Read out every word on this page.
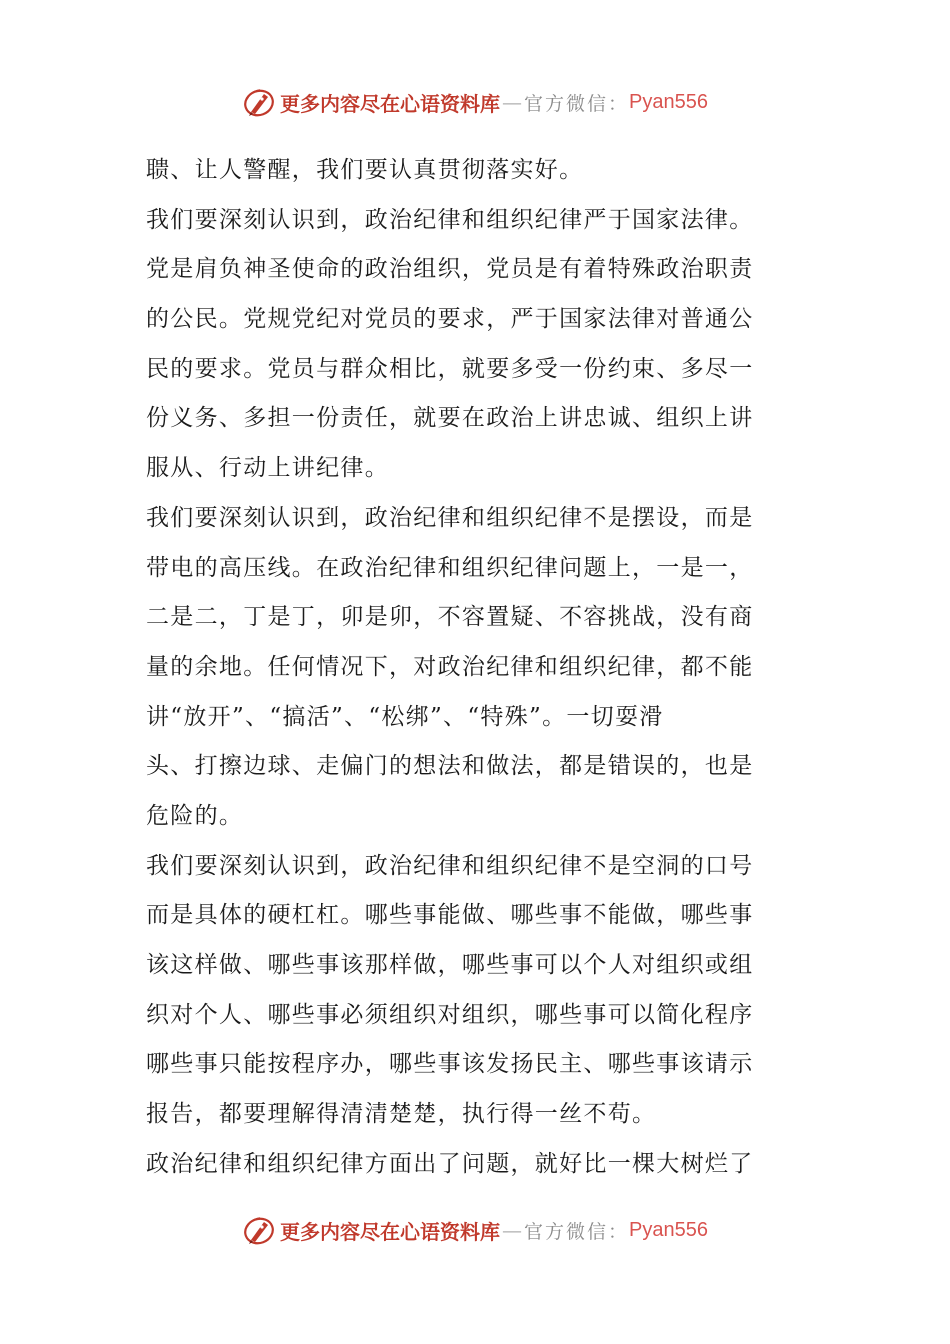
更多内容尽在心语资料库 — 官方微信： Pyan556
聩、让人警醒，我们要认真贯彻落实好。
我们要深刻认识到，政治纪律和组织纪律严于国家法律。
党是肩负神圣使命的政治组织，党员是有着特殊政治职责
的公民。党规党纪对党员的要求，严于国家法律对普通公
民的要求。党员与群众相比，就要多受一份约束、多尽一
份义务、多担一份责任，就要在政治上讲忠诚、组织上讲
服从、行动上讲纪律。
我们要深刻认识到，政治纪律和组织纪律不是摆设，而是
带电的高压线。在政治纪律和组织纪律问题上，一是一，
二是二，丁是丁，卯是卯，不容置疑、不容挑战，没有商
量的余地。任何情况下，对政治纪律和组织纪律，都不能
讲“放开”、“搞活”、“松绑”、“特殊”。一切耍滑
头、打擦边球、走偏门的想法和做法，都是错误的，也是
危险的。
我们要深刻认识到，政治纪律和组织纪律不是空洞的口号
而是具体的硬杠杠。哪些事能做、哪些事不能做，哪些事
该这样做、哪些事该那样做，哪些事可以个人对组织或组
织对个人、哪些事必须组织对组织，哪些事可以简化程序
哪些事只能按程序办，哪些事该发扬民主、哪些事该请示
报告，都要理解得清清楚楚，执行得一丝不苟。
政治纪律和组织纪律方面出了问题，就好比一棵大树烂了
更多内容尽在心语资料库 — 官方微信： Pyan556
